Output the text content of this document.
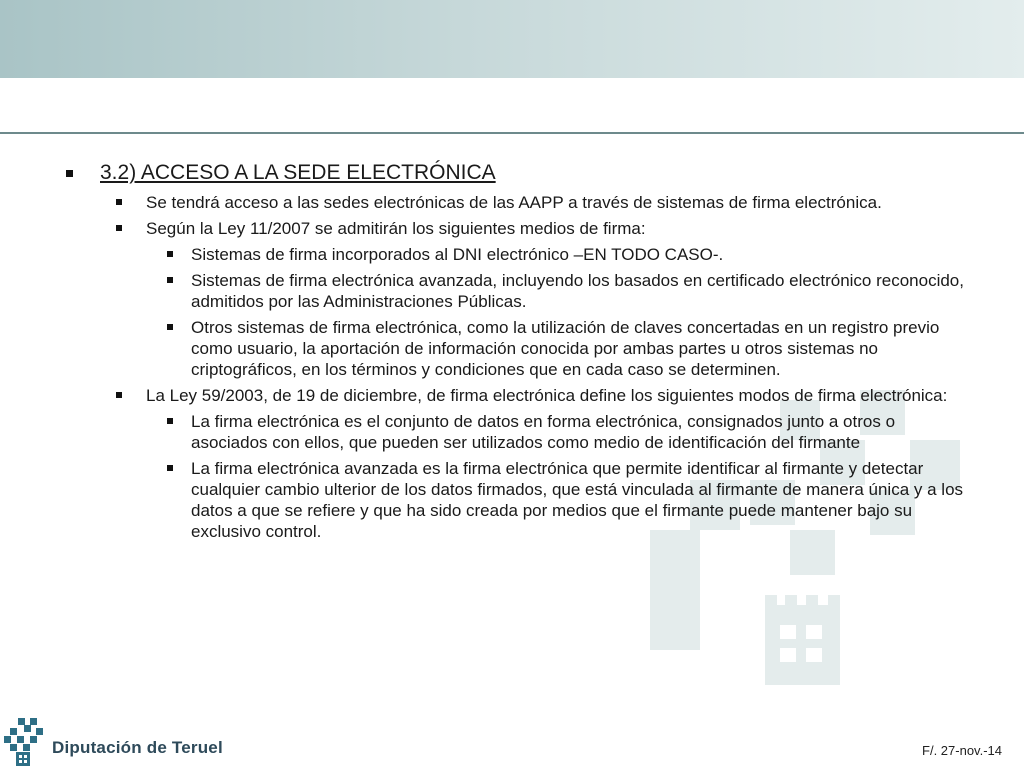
3.2) ACCESO A LA SEDE ELECTRÓNICA
Se tendrá acceso a las sedes electrónicas de las AAPP a través de sistemas de firma electrónica.
Según la Ley 11/2007 se admitirán los siguientes medios de firma:
Sistemas de firma incorporados al DNI electrónico –EN TODO CASO-.
Sistemas de firma electrónica avanzada, incluyendo los basados en certificado electrónico reconocido, admitidos por las Administraciones Públicas.
Otros sistemas de firma electrónica, como la utilización de claves concertadas en un registro previo como usuario, la aportación de información conocida por ambas partes u otros sistemas no criptográficos, en los términos y condiciones que en cada caso se determinen.
La Ley 59/2003, de 19 de diciembre, de firma electrónica define los siguientes modos de firma electrónica:
La firma electrónica es el conjunto de datos en forma electrónica, consignados junto a otros o asociados con ellos, que pueden ser utilizados como medio de identificación del firmante
La firma electrónica avanzada es la firma electrónica que permite identificar al firmante y detectar cualquier cambio ulterior de los datos firmados, que está vinculada al firmante de manera única y a los datos a que se refiere y que ha sido creada por medios que el firmante puede mantener bajo su exclusivo control.
Diputación de Teruel	F/. 27-nov.-14
